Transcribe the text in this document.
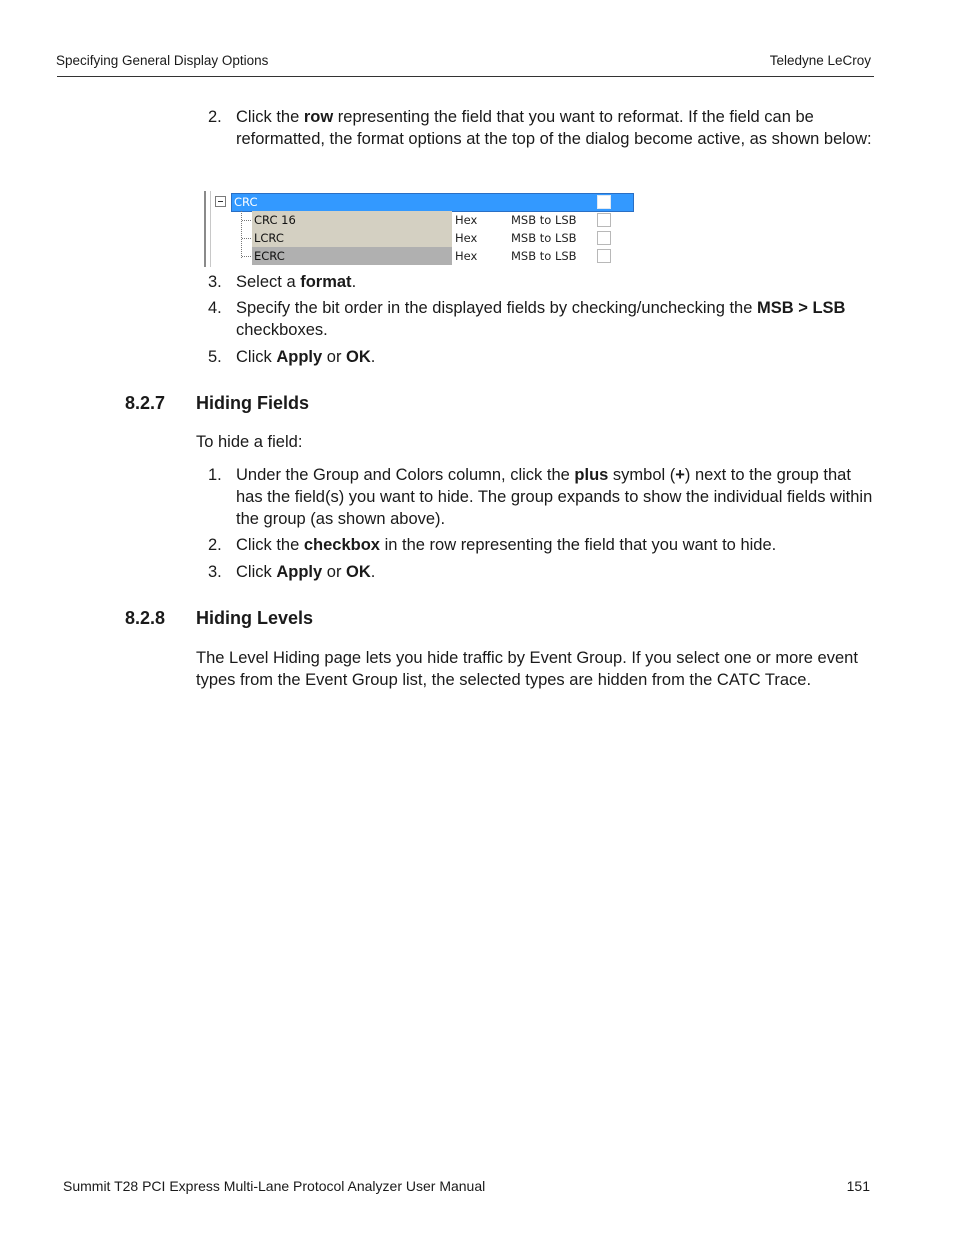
Specifying General Display Options	Teledyne LeCroy
2. Click the row representing the field that you want to reformat. If the field can be reformatted, the format options at the top of the dialog become active, as shown below:
CRC
CRC 16	Hex	MSB to LSB
LCRC	Hex	MSB to LSB
ECRC	Hex	MSB to LSB
3. Select a format.
4. Specify the bit order in the displayed fields by checking/unchecking the MSB > LSB checkboxes.
5. Click Apply or OK.
8.2.7 Hiding Fields
To hide a field:
1. Under the Group and Colors column, click the plus symbol (+) next to the group that has the field(s) you want to hide. The group expands to show the individual fields within the group (as shown above).
2. Click the checkbox in the row representing the field that you want to hide.
3. Click Apply or OK.
8.2.8 Hiding Levels
The Level Hiding page lets you hide traffic by Event Group. If you select one or more event types from the Event Group list, the selected types are hidden from the CATC Trace.
Summit T28 PCI Express Multi-Lane Protocol Analyzer User Manual	151
